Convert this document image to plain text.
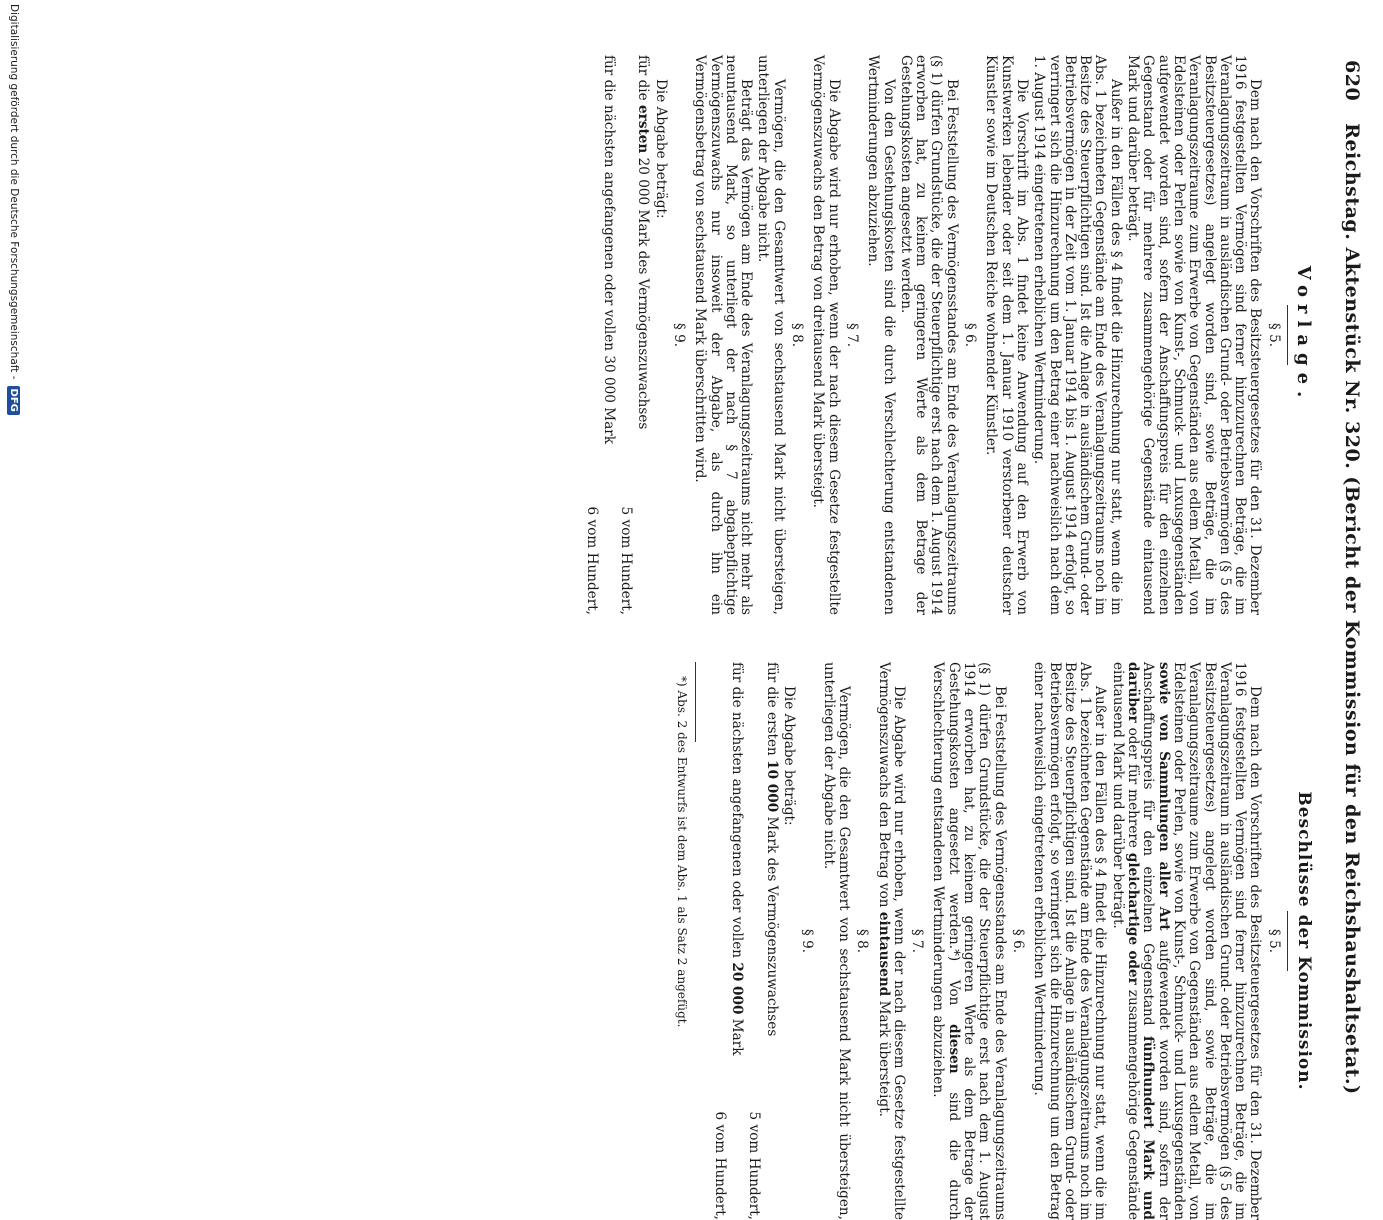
620
Reichstag. Aktenstück Nr. 320. (Bericht der Kommission für den Reichshaushaltsetat.)
Vorlage.
§ 5.

Dem nach den Vorschriften des Besitzsteuergesetzes für den 31. Dezember 1916 festgestellten Vermögen sind ferner hinzuzurechnen Beträge, die im Veranlagungszeitraum in ausländischen Grund- oder Betriebsvermögen (§ 5 des Besitzsteuergesetzes) angelegt worden sind, sowie Beträge, die im Veranlagungszeitraume zum Erwerbe von Gegenständen aus edlem Metall, von Edelsteinen oder Perlen sowie von Kunst-, Schmuck- und Luxusgegenständen aufgewendet worden sind, sofern der Anschaffungspreis für den einzelnen Gegenstand oder für mehrere zusammengehörige Gegenstände eintausend Mark und darüber beträgt.

Außer in den Fällen des § 4 findet die Hinzurechnung nur statt, wenn die im Abs. 1 bezeichneten Gegenstände am Ende des Veranlagungszeitraums noch im Besitze des Steuerpflichtigen sind. Ist die Anlage in ausländischem Grund- oder Betriebsvermögen in der Zeit vom 1. Januar 1914 bis 1. August 1914 erfolgt, so verringert sich die Hinzurechnung um den Betrag einer nachweislich nach dem 1. August 1914 eingetretenen erheblichen Wertminderung.

Die Vorschrift im Abs. 1 findet keine Anwendung auf den Erwerb von Kunstwerken lebender oder seit dem 1. Januar 1910 verstorbener deutscher Künstler sowie im Deutschen Reiche wohnender Künstler.

§ 6.

Bei Feststellung des Vermögensstandes am Ende des Veranlagungszeitraums (§ 1) dürfen Grundstücke, die der Steuerpflichtige erst nach dem 1. August 1914 erworben hat, zu keinem geringeren Werte als dem Betrage der Gestehungskosten angesetzt werden.

Von den Gestehungskosten sind die durch Verschlechterung entstandenen Wertminderungen abzuziehen.

§ 7.

Die Abgabe wird nur erhoben, wenn der nach diesem Gesetze festgestellte Vermögenszuwachs den Betrag von dreitausend Mark übersteigt.

§ 8.

Vermögen, die den Gesamtwert von sechstausend Mark nicht übersteigen, unterliegen der Abgabe nicht.

Beträgt das Vermögen am Ende des Veranlagungszeitraums nicht mehr als neuntausend Mark, so unterliegt der nach § 7 abgabepflichtige Vermögenszuwachs nur insoweit der Abgabe, als durch ihn ein Vermögensbetrag von sechstausend Mark überschritten wird.

§ 9.

Die Abgabe beträgt:

für die ersten 20 000 Mark des Vermögenszuwachses

5 vom Hundert,

für die nächsten angefangenen oder vollen 30 000 Mark

6 vom Hundert,

Beschlüsse der Kommission.
§ 5.

Dem nach den Vorschriften des Besitzsteuergesetzes für den 31. Dezember 1916 festgestellten Vermögen sind ferner hinzuzurechnen Beträge, die im Veranlagungszeitraum in ausländischen Grund- oder Betriebsvermögen (§ 5 des Besitzsteuergesetzes) angelegt worden sind, sowie Beträge, die im Veranlagungszeitraume zum Erwerbe von Gegenständen aus edlem Metall, von Edelsteinen oder Perlen, sowie von Kunst-, Schmuck- und Luxusgegenständen sowie von Sammlungen aller Art aufgewendet worden sind, sofern der Anschaffungspreis für den einzelnen Gegenstand fünfhundert Mark und darüber oder für mehrere gleichartige oder zusammengehörige Gegenstände eintausend Mark und darüber beträgt.

Außer in den Fällen des § 4 findet die Hinzurechnung nur statt, wenn die im Abs. 1 bezeichneten Gegenstände am Ende des Veranlagungszeitraums noch im Besitze des Steuerpflichtigen sind. Ist die Anlage in ausländischem Grund- oder Betriebsvermögen erfolgt, so verringert sich die Hinzurechnung um den Betrag einer nachweislich eingetretenen erheblichen Wertminderung.

§ 6.

Bei Feststellung des Vermögensstandes am Ende des Veranlagungszeitraums (§ 1) dürfen Grundstücke, die der Steuerpflichtige erst nach dem 1. August 1914 erworben hat, zu keinem geringeren Werte als dem Betrage der Gestehungskosten angesetzt werden.*) Von diesen sind die durch Verschlechterung entstandenen Wertminderungen abzuziehen.

§ 7.

Die Abgabe wird nur erhoben, wenn der nach diesem Gesetze festgestellte Vermögenszuwachs den Betrag von eintausend Mark übersteigt.

§ 8.

Vermögen, die den Gesamtwert von sechstausend Mark nicht übersteigen, unterliegen der Abgabe nicht.

§ 9.

Die Abgabe beträgt:

für die ersten 10 000 Mark des Vermögenszuwachses

5 vom Hundert,

für die nächsten angefangenen oder vollen 20 000 Mark

6 vom Hundert,

*) Abs. 2 des Entwurfs ist dem Abs. 1 als Satz 2 angefügt.

Digitalisierung gefördert durch die Deutsche Forschungsgemeinschaft -
DFG
